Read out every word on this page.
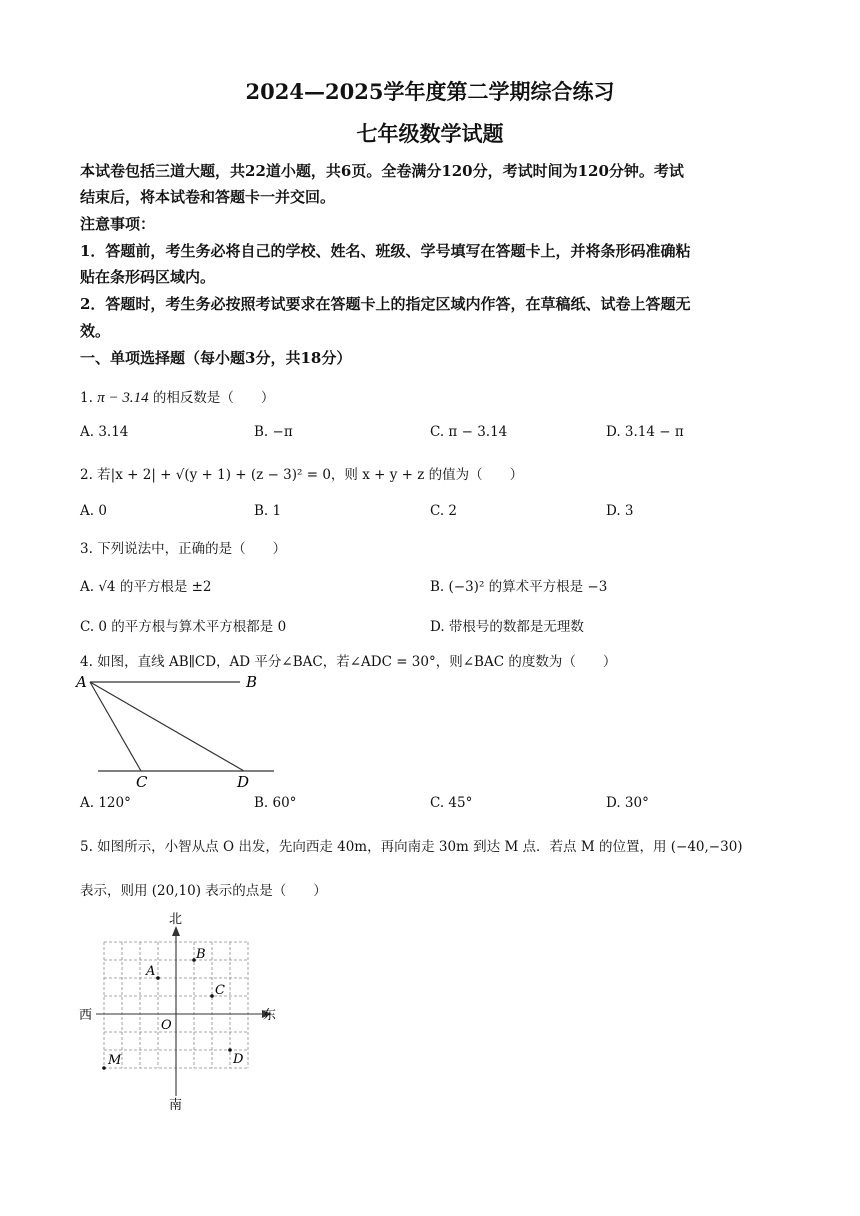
2024—2025学年度第二学期综合练习
七年级数学试题
本试卷包括三道大题，共22道小题，共6页。全卷满分120分，考试时间为120分钟。考试
结束后，将本试卷和答题卡一并交回。
注意事项：
1．答题前，考生务必将自己的学校、姓名、班级、学号填写在答题卡上，并将条形码准确粘
贴在条形码区域内。
2．答题时，考生务必按照考试要求在答题卡上的指定区域内作答，在草稿纸、试卷上答题无
效。
一、单项选择题（每小题3分，共18分）
1. π − 3.14 的相反数是（　　）
A. 3.14	B. −π	C. π − 3.14	D. 3.14 − π
2. 若|x + 2| + √(y + 1) + (z − 3)² = 0，则 x + y + z 的值为（　　）
A. 0	B. 1	C. 2	D. 3
3. 下列说法中，正确的是（　　）
A. √4 的平方根是 ±2	B. (−3)² 的算术平方根是 −3
C. 0 的平方根与算术平方根都是 0	D. 带根号的数都是无理数
4. 如图，直线 AB∥CD，AD 平分∠BAC，若∠ADC = 30°，则∠BAC 的度数为（　　）
A	B
C	D
A. 120°	B. 60°	C. 45°	D. 30°
5. 如图所示，小智从点 O 出发，先向西走 40m，再向南走 30m 到达 M 点．若点 M 的位置，用 (−40,−30)
表示，则用 (20,10) 表示的点是（　　）
北
南
西	东
O
A
B
C
D
M
